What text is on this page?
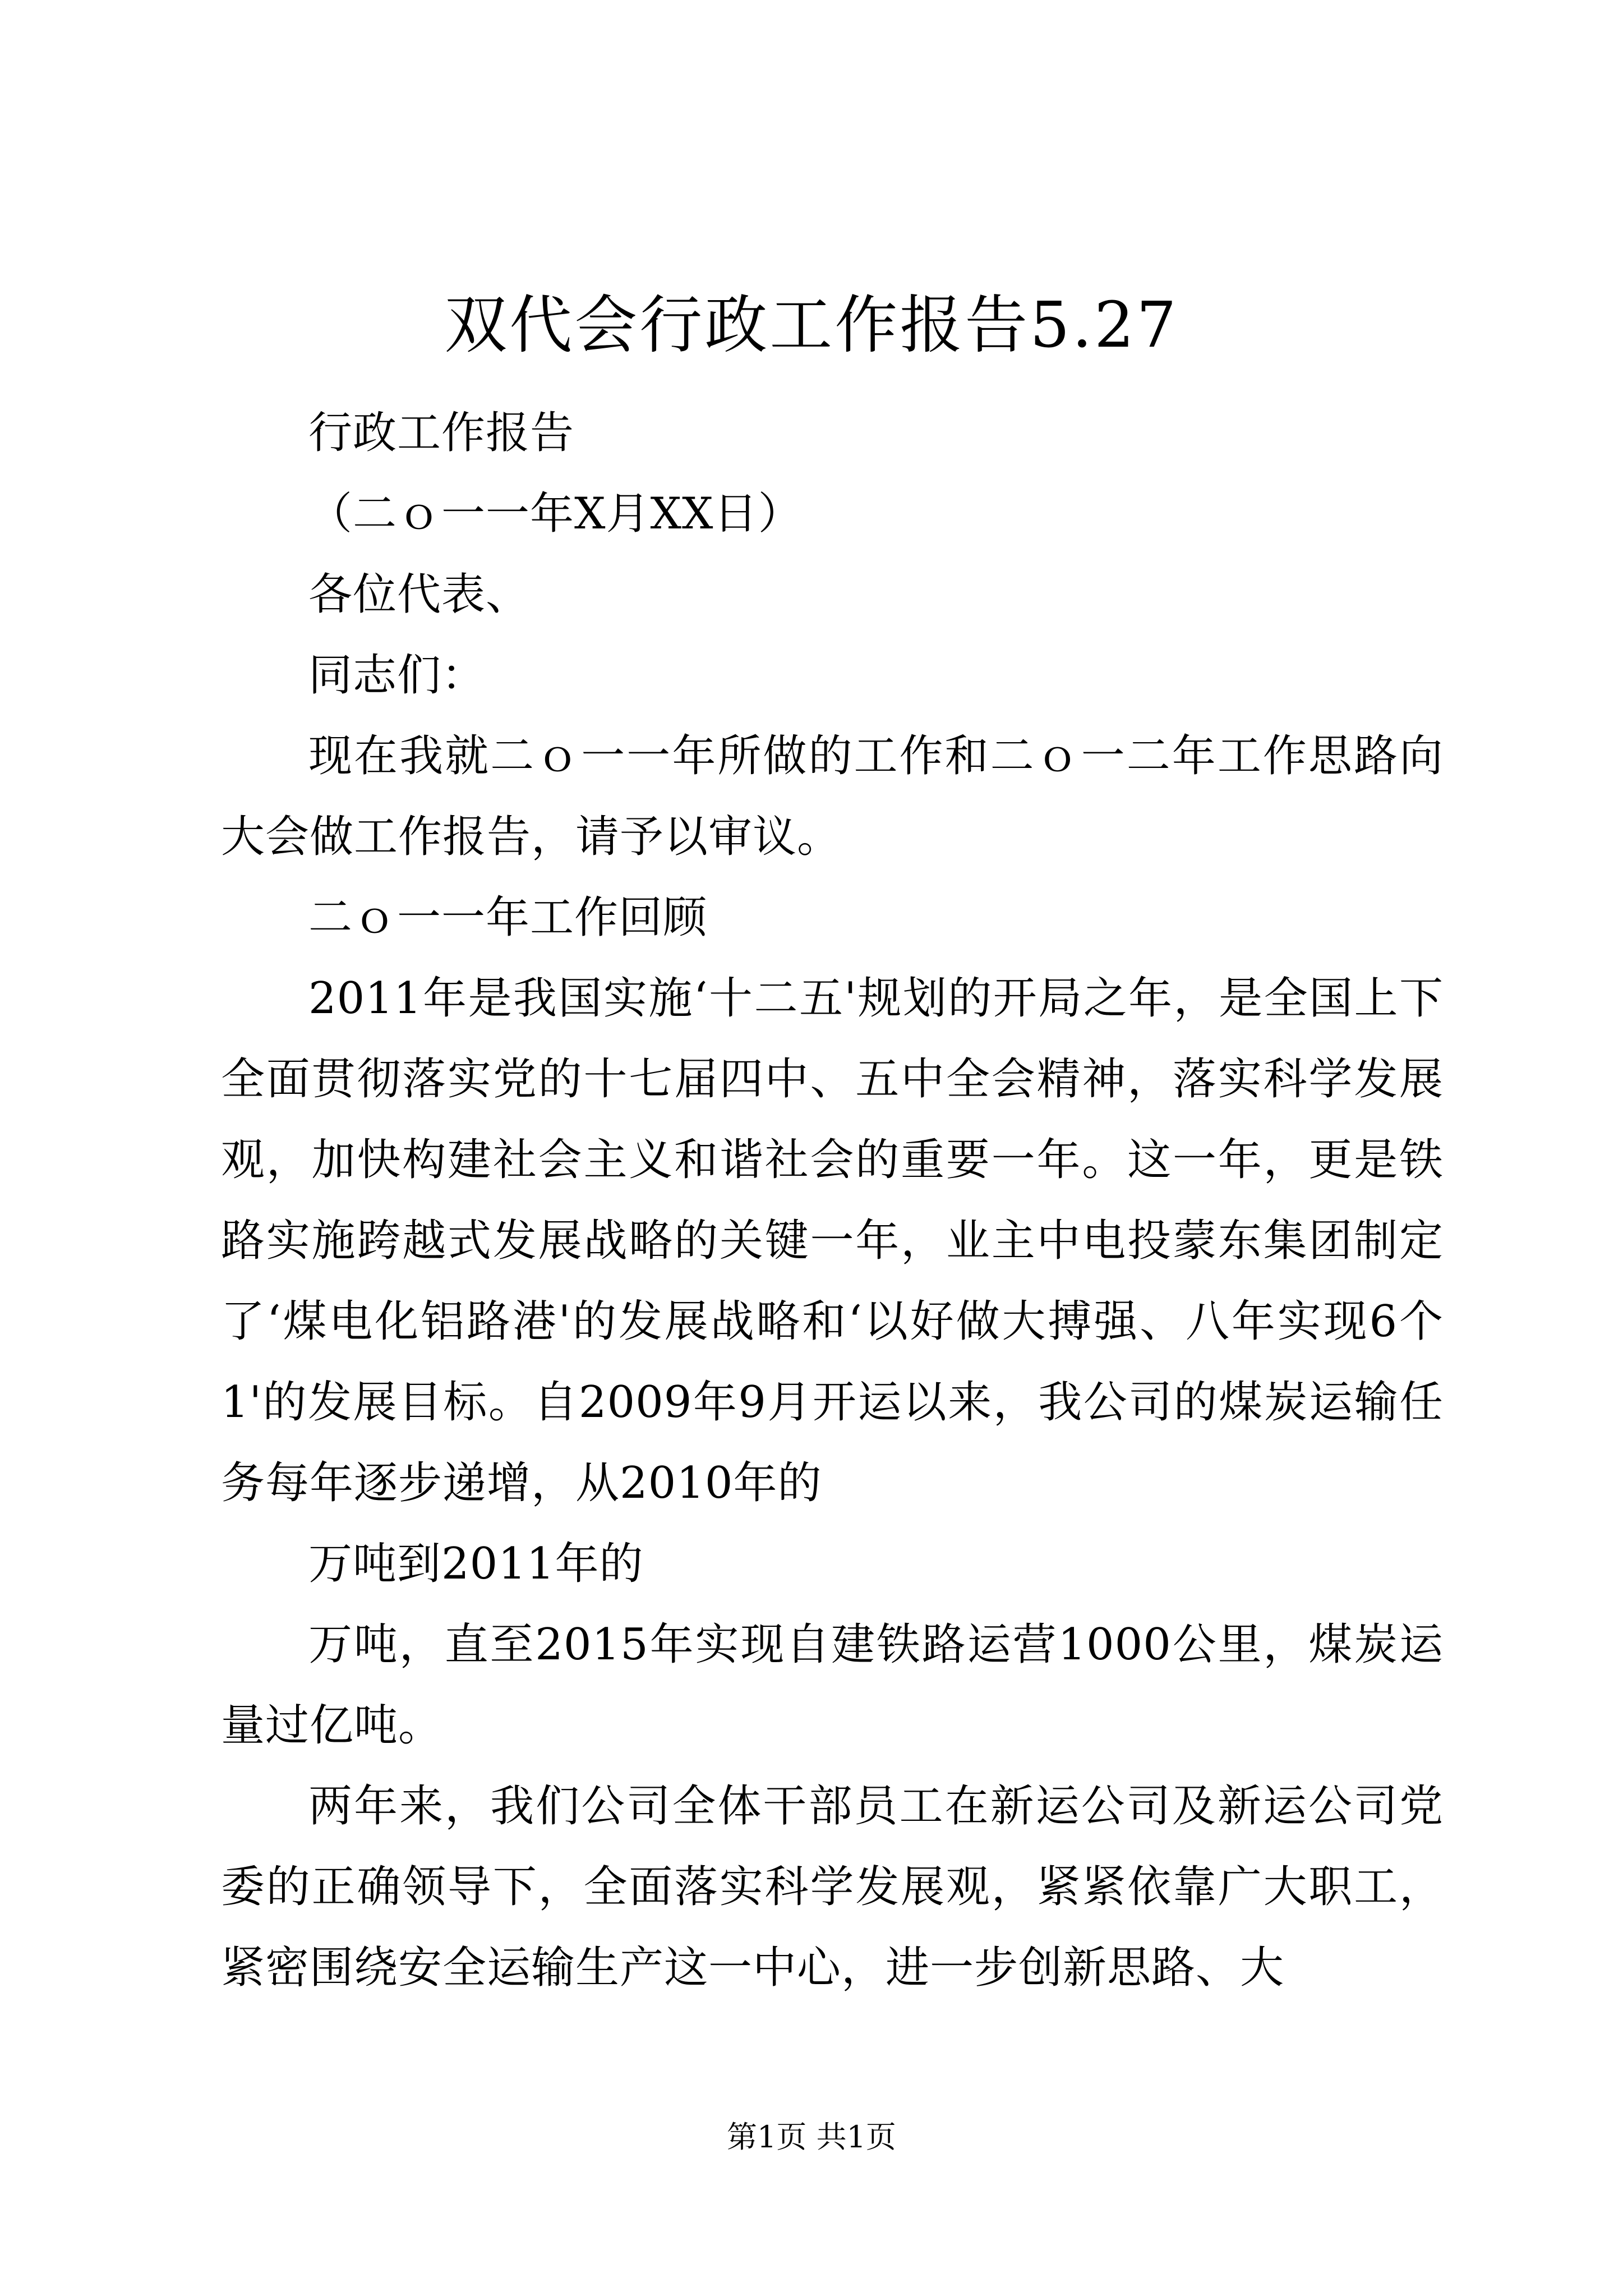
双代会行政工作报告5.27

行政工作报告

（二ｏ一一年X月XX日）

各位代表、

同志们：

现在我就二ｏ一一年所做的工作和二ｏ一二年工作思路向大会做工作报告，请予以审议。

二ｏ一一年工作回顾

2011年是我国实施‘十二五'规划的开局之年，是全国上下全面贯彻落实党的十七届四中、五中全会精神，落实科学发展观，加快构建社会主义和谐社会的重要一年。这一年，更是铁路实施跨越式发展战略的关键一年，业主中电投蒙东集团制定了‘煤电化铝路港'的发展战略和‘以好做大搏强、八年实现6个1'的发展目标。自2009年9月开运以来，我公司的煤炭运输任务每年逐步递增，从2010年的

万吨到2011年的

万吨，直至2015年实现自建铁路运营1000公里，煤炭运量过亿吨。

两年来，我们公司全体干部员工在新运公司及新运公司党委的正确领导下，全面落实科学发展观，紧紧依靠广大职工，紧密围绕安全运输生产这一中心，进一步创新思路、大

第1页 共1页
